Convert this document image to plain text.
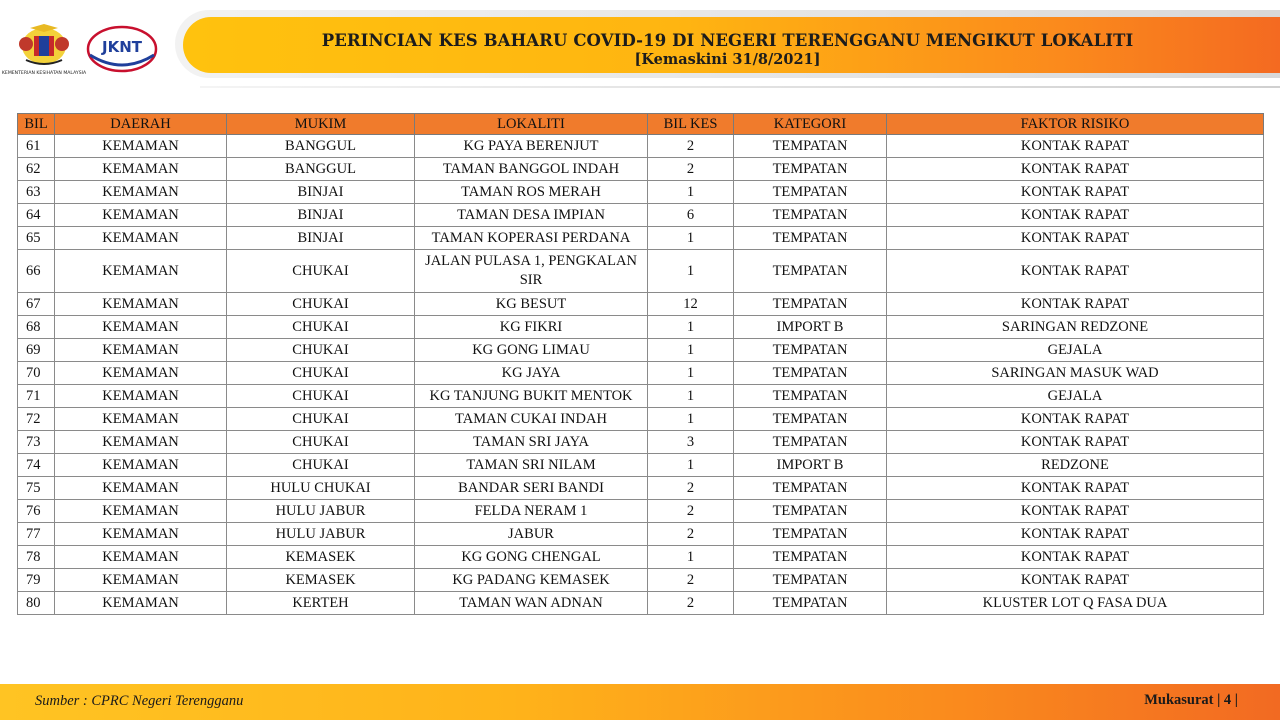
KEMENTERIAN KESIHATAN MALAYSIA
JKNT	PERINCIAN KES BAHARU COVID-19 DI NEGERI TERENGGANU MENGIKUT LOKALITI
[Kemaskini 31/8/2021]
BIL	DAERAH	MUKIM	LOKALITI	BIL KES	KATEGORI	FAKTOR RISIKO
61	KEMAMAN	BANGGUL	KG PAYA BERENJUT	2	TEMPATAN	KONTAK RAPAT
62	KEMAMAN	BANGGUL	TAMAN BANGGOL INDAH	2	TEMPATAN	KONTAK RAPAT
63	KEMAMAN	BINJAI	TAMAN ROS MERAH	1	TEMPATAN	KONTAK RAPAT
64	KEMAMAN	BINJAI	TAMAN DESA IMPIAN	6	TEMPATAN	KONTAK RAPAT
65	KEMAMAN	BINJAI	TAMAN KOPERASI PERDANA	1	TEMPATAN	KONTAK RAPAT
66	KEMAMAN	CHUKAI	JALAN PULASA 1, PENGKALAN SIR	1	TEMPATAN	KONTAK RAPAT
67	KEMAMAN	CHUKAI	KG BESUT	12	TEMPATAN	KONTAK RAPAT
68	KEMAMAN	CHUKAI	KG FIKRI	1	IMPORT B	SARINGAN REDZONE
69	KEMAMAN	CHUKAI	KG GONG LIMAU	1	TEMPATAN	GEJALA
70	KEMAMAN	CHUKAI	KG JAYA	1	TEMPATAN	SARINGAN MASUK WAD
71	KEMAMAN	CHUKAI	KG TANJUNG BUKIT MENTOK	1	TEMPATAN	GEJALA
72	KEMAMAN	CHUKAI	TAMAN CUKAI INDAH	1	TEMPATAN	KONTAK RAPAT
73	KEMAMAN	CHUKAI	TAMAN SRI JAYA	3	TEMPATAN	KONTAK RAPAT
74	KEMAMAN	CHUKAI	TAMAN SRI NILAM	1	IMPORT B	REDZONE
75	KEMAMAN	HULU CHUKAI	BANDAR SERI BANDI	2	TEMPATAN	KONTAK RAPAT
76	KEMAMAN	HULU JABUR	FELDA NERAM 1	2	TEMPATAN	KONTAK RAPAT
77	KEMAMAN	HULU JABUR	JABUR	2	TEMPATAN	KONTAK RAPAT
78	KEMAMAN	KEMASEK	KG GONG CHENGAL	1	TEMPATAN	KONTAK RAPAT
79	KEMAMAN	KEMASEK	KG PADANG KEMASEK	2	TEMPATAN	KONTAK RAPAT
80	KEMAMAN	KERTEH	TAMAN WAN ADNAN	2	TEMPATAN	KLUSTER LOT Q FASA DUA
Sumber : CPRC Negeri Terengganu	Mukasurat | 4 |
